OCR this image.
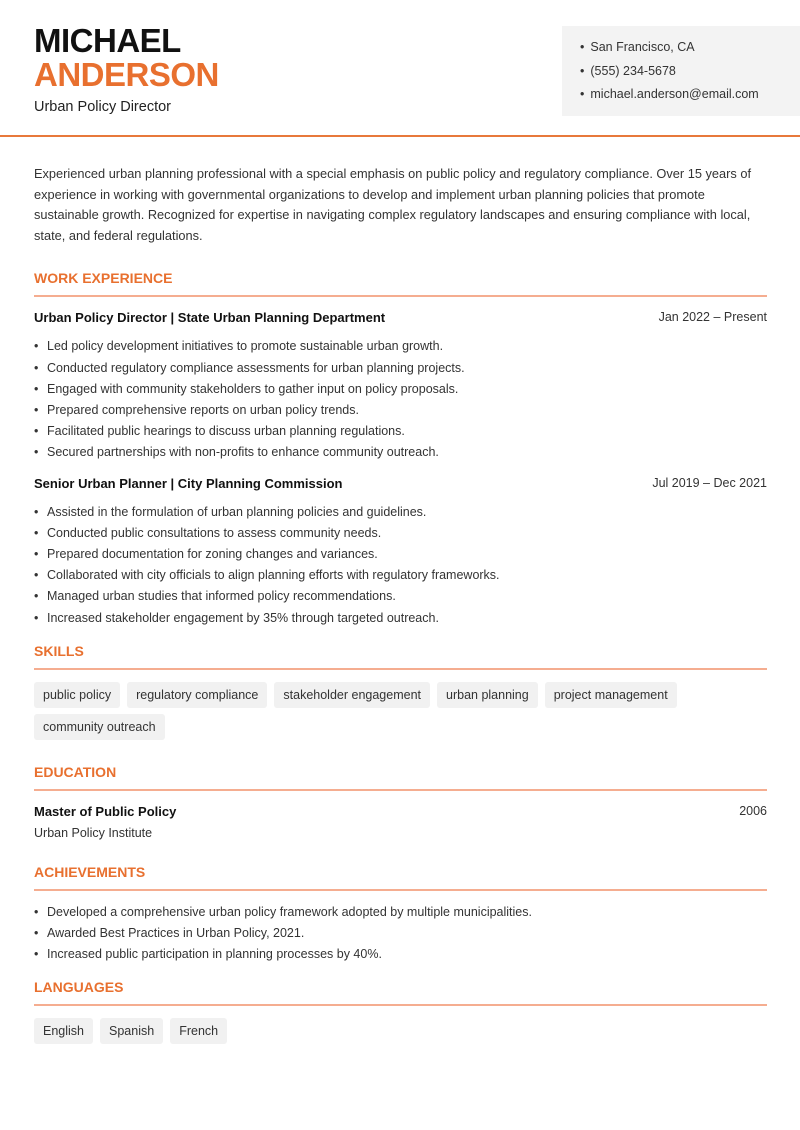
MICHAEL
ANDERSON
Urban Policy Director
• San Francisco, CA
• (555) 234-5678
• michael.anderson@email.com

Experienced urban planning professional with a special emphasis on public policy and regulatory compliance. Over 15 years of experience in working with governmental organizations to develop and implement urban planning policies that promote sustainable growth. Recognized for expertise in navigating complex regulatory landscapes and ensuring compliance with local, state, and federal regulations.

WORK EXPERIENCE
Urban Policy Director | State Urban Planning Department	Jan 2022 – Present
• Led policy development initiatives to promote sustainable urban growth.
• Conducted regulatory compliance assessments for urban planning projects.
• Engaged with community stakeholders to gather input on policy proposals.
• Prepared comprehensive reports on urban policy trends.
• Facilitated public hearings to discuss urban planning regulations.
• Secured partnerships with non-profits to enhance community outreach.
Senior Urban Planner | City Planning Commission	Jul 2019 – Dec 2021
• Assisted in the formulation of urban planning policies and guidelines.
• Conducted public consultations to assess community needs.
• Prepared documentation for zoning changes and variances.
• Collaborated with city officials to align planning efforts with regulatory frameworks.
• Managed urban studies that informed policy recommendations.
• Increased stakeholder engagement by 35% through targeted outreach.
SKILLS
public policy	regulatory compliance	stakeholder engagement	urban planning	project management
community outreach
EDUCATION
Master of Public Policy	2006
Urban Policy Institute
ACHIEVEMENTS
• Developed a comprehensive urban policy framework adopted by multiple municipalities.
• Awarded Best Practices in Urban Policy, 2021.
• Increased public participation in planning processes by 40%.
LANGUAGES
English	Spanish	French
